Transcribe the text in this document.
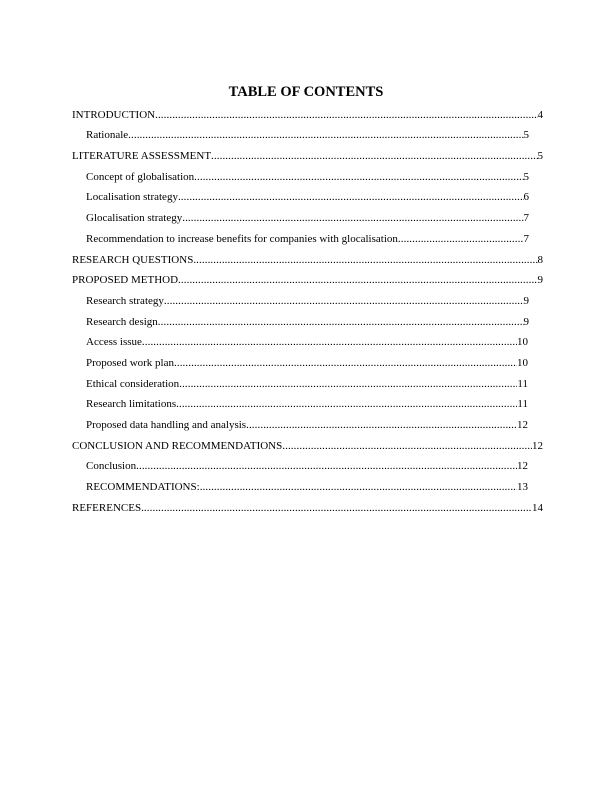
TABLE OF CONTENTS
INTRODUCTION .....	4
Rationale .....	5
LITERATURE ASSESSMENT .....	5
Concept of globalisation .....	5
Localisation strategy .....	6
Glocalisation strategy .....	7
Recommendation to increase benefits for companies with glocalisation .....	7
RESEARCH QUESTIONS .....	8
PROPOSED METHOD .....	9
Research strategy .....	9
Research design .....	9
Access issue .....	10
Proposed work plan .....	10
Ethical consideration .....	11
Research limitations .....	11
Proposed data handling and analysis .....	12
CONCLUSION AND RECOMMENDATIONS .....	12
Conclusion .....	12
RECOMMENDATIONS: .....	13
REFERENCES .....	14
